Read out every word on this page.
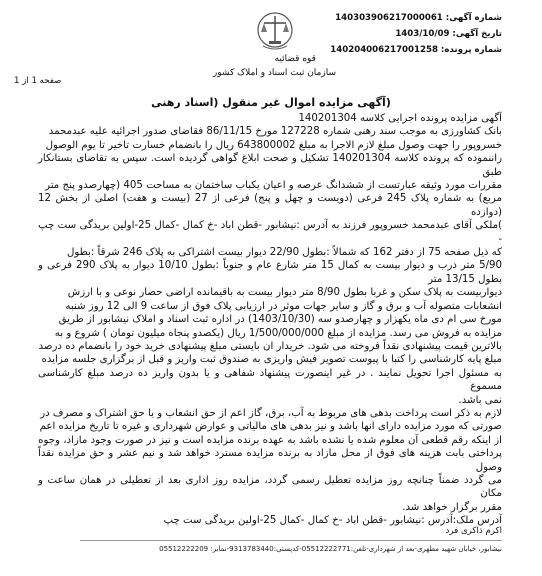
قوه قضائیه
سازمان ثبت اسناد و املاک کشور
شماره آگهی: 140303906217000061
تاریخ آگهی: 1403/10/09
شماره پرونده: 140204006217001258
صفحه 1 از 1
(آگهی مزایده اموال غیر منقول (اسناد رهنی

آگهی مزایده پرونده اجرایی کلاسه 140201304
بانک کشاورزی به موجب سند رهنی شماره 127228 مورخ 86/11/15 فقاضای صدور اجرائیه علیه عبدمحمد
خسروپور را جهت وصول مبلغ لازم الاجرا به مبلغ 643800002 ریال را بانضمام خسارت تاخیر تا یوم الوصول
راننموده که پرونده کلاسه 140201304 تشکیل و صحت ابلاغ گواهی گردیده است. سپس به تقاضای بستانکار طبق
مقررات مورد وثیقه عبارتست از ششدانگ عرصه و اعیان یکباب ساختمان به مساحت 405 (چهارصدو پنج متر
مربع) به شماره پلاک 245 فرعی (دویست و چهل و پنج) فرعی از 27 (بیست و هفت) اصلی از بخش 12 (دوازده
)ملکی آقای عبدمحمد خسروپور فرزند به آدرس :نیشابور -قطن اباد -خ کمال -کمال 25-اولین بریدگی ست چپ -
که ذیل صفحه 75 از دفتر 162 که شمالاً :بطول 22/90 دیوار بیست اشتراکی به پلاک 246 شرقاً :بطول
5/90 متر درب و دیوار بیست به کمال 15 متر شارع عام و جنوباً :بطول 10/10 دیوار به پلاک 290 فرعی و بطول 13/15 متر
دیواربیست به پلاک سکن و غربا بطول 8/90 متر دیوار بیست به باقیمانده اراضی حصار نوعی و با ارزش
انشعابات متصوله آب و برق و گاز و سایر جهات موثر در ارزیابی پلاک فوق از ساعت 9 الی 12 روز شنبه
مورخ سی ام دی ماه یکهزار و چهارصدو سه (1403/10/30) در اداره ثبت اسناد و املاک نیشابور از طریق
مزایده به فروش می رسد. مزایده از مبلغ 1/500/000/000 ریال (یکصدو پنجاه میلیون تومان ) شروع و به
بالاترین قیمت پیشنهادی نقداً فروخته می شود. خریدار ان بایستی مبلغ پیشنهادی خرید خود را بانضمام ده درصد
مبلغ پایه کارشناسی را کتبا با پیوست تصویر فیش واریزی به صندوق ثبت واریز و قبل از برگزاری جلسه مزایده
به مسئول اجرا تحویل نمایند . در غیر اینصورت پیشنهاد شفاهی و یا بدون واریز ده درصد مبلغ کارشناسی مسموع
نمی باشد.

لازم به ذکر است پرداخت بدهی های مربوط به آب، برق، گاز اعم از حق انشعاب و یا حق اشتراک و مصرف در
صورتی که مورد مزایده دارای انها باشد و نیز بدهی های مالیاتی و عوارض شهرداری و غیره تا تاریخ مزایده اعم
از اینکه رقم قطعی آن معلوم شده یا نشده باشد به عهده برنده مزایده است و نیز در صورت وجود مازاد، وجوه
پرداختی بابت هزینه های فوق از محل مازاد به برنده مزایده مسترد خواهد شد و نیم عشر و حق مزایده نقداً وصول
می گردد ضمناً چنانچه روز مزایده تعطیل رسمی گردد، مزایده روز اداری بعد از تعطیلی در همان ساعت و مکان
مقرر برگزار خواهد شد.

آدرس ملک:آدرس :نیشابور -قطن اباد -خ کمال -کمال 25-اولین بریدگی ست چپ

اکرم ذاکری فرد
نیشابور، خیابان شهید مطهری-بعد از شهرداری-تلفن:05512222771-کدپستی:9313783440-نمابر: 05512222209
